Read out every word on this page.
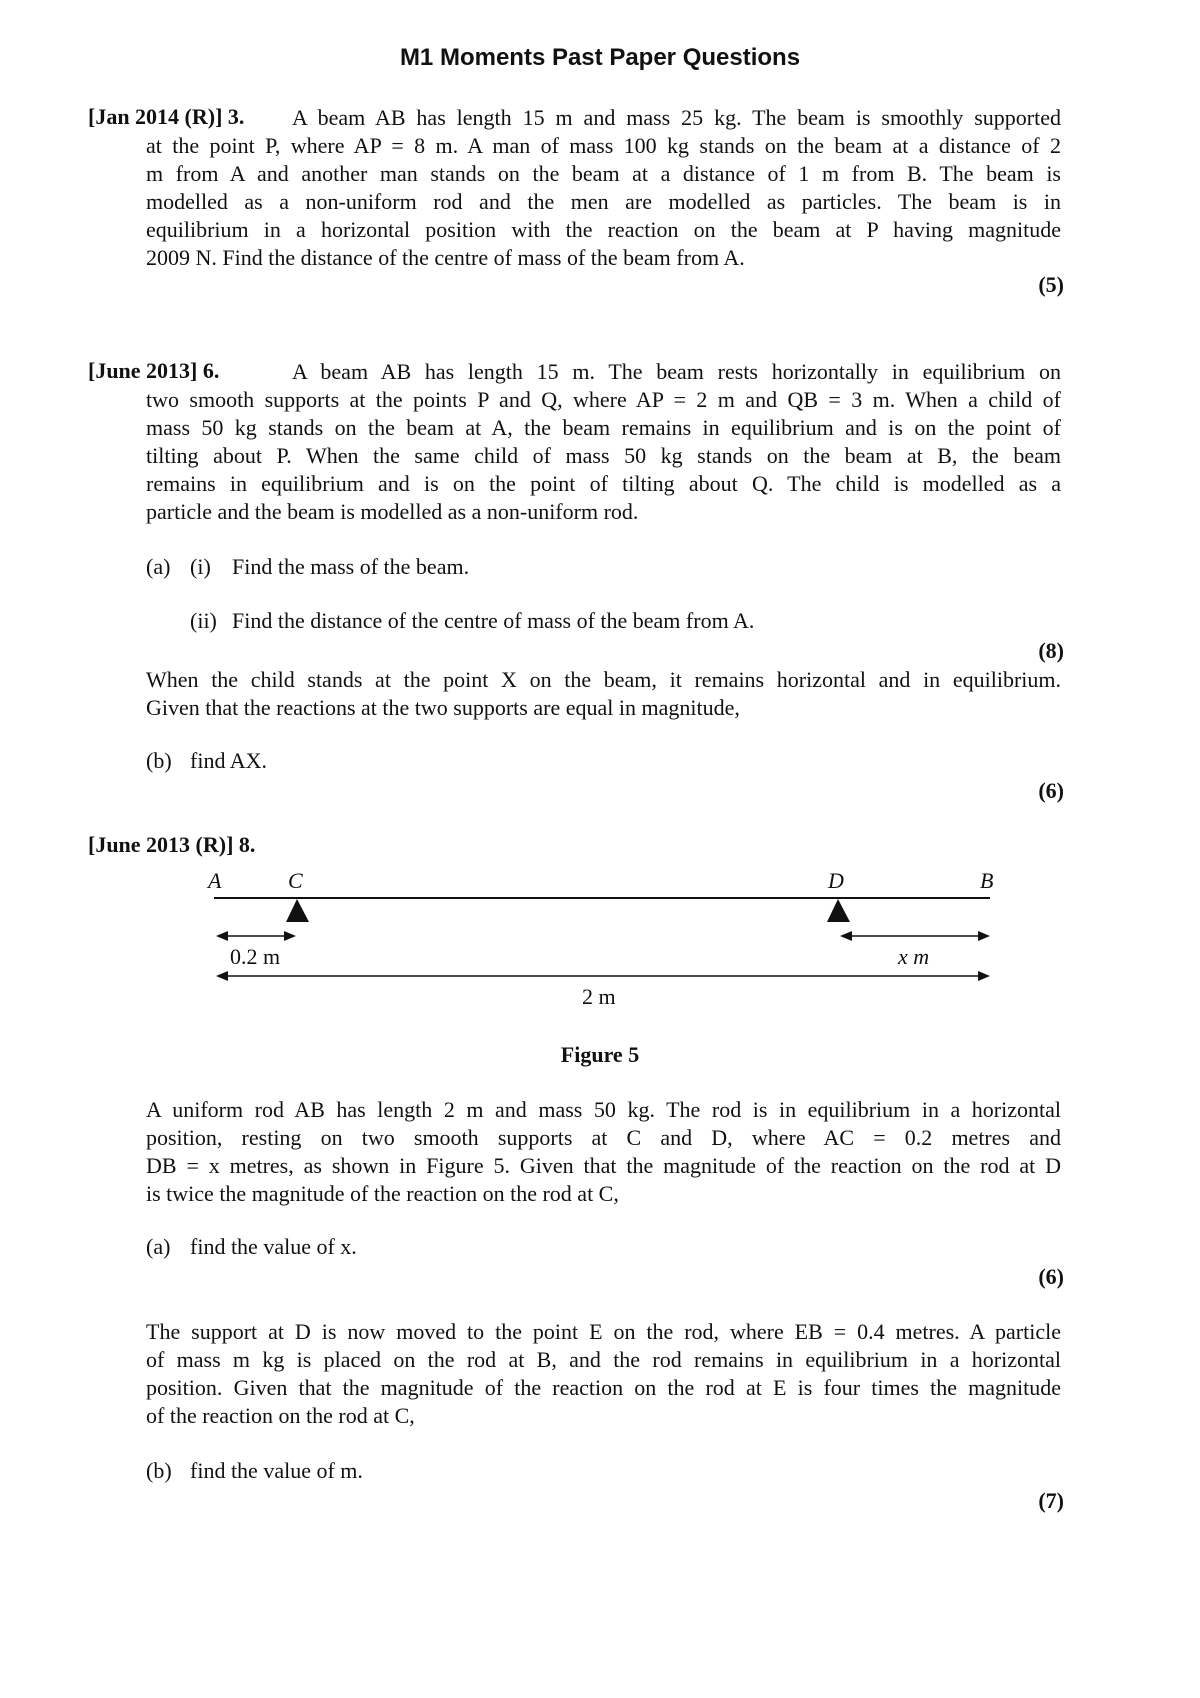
M1 Moments Past Paper Questions
[Jan 2014 (R)] 3. A beam AB has length 15 m and mass 25 kg. The beam is smoothly supported
at the point P, where AP = 8 m. A man of mass 100 kg stands on the beam at a distance of 2
m from A and another man stands on the beam at a distance of 1 m from B. The beam is
modelled as a non-uniform rod and the men are modelled as particles. The beam is in
equilibrium in a horizontal position with the reaction on the beam at P having magnitude
2009 N. Find the distance of the centre of mass of the beam from A.
(5)
[June 2013] 6.	A beam AB has length 15 m. The beam rests horizontally in equilibrium on
two smooth supports at the points P and Q, where AP = 2 m and QB = 3 m. When a child of
mass 50 kg stands on the beam at A, the beam remains in equilibrium and is on the point of
tilting about P. When the same child of mass 50 kg stands on the beam at B, the beam
remains in equilibrium and is on the point of tilting about Q. The child is modelled as a
particle and the beam is modelled as a non-uniform rod.
(a) (i) Find the mass of the beam.
(ii) Find the distance of the centre of mass of the beam from A.
(8)
When the child stands at the point X on the beam, it remains horizontal and in equilibrium.
Given that the reactions at the two supports are equal in magnitude,
(b) find AX.
(6)
[June 2013 (R)] 8.
A	C	D	B
0.2 m	x m
2 m
Figure 5
A uniform rod AB has length 2 m and mass 50 kg. The rod is in equilibrium in a horizontal
position, resting on two smooth supports at C and D, where AC = 0.2 metres and
DB = x metres, as shown in Figure 5. Given that the magnitude of the reaction on the rod at D
is twice the magnitude of the reaction on the rod at C,
(a) find the value of x.
(6)
The support at D is now moved to the point E on the rod, where EB = 0.4 metres. A particle
of mass m kg is placed on the rod at B, and the rod remains in equilibrium in a horizontal
position. Given that the magnitude of the reaction on the rod at E is four times the magnitude
of the reaction on the rod at C,
(b) find the value of m.
(7)
